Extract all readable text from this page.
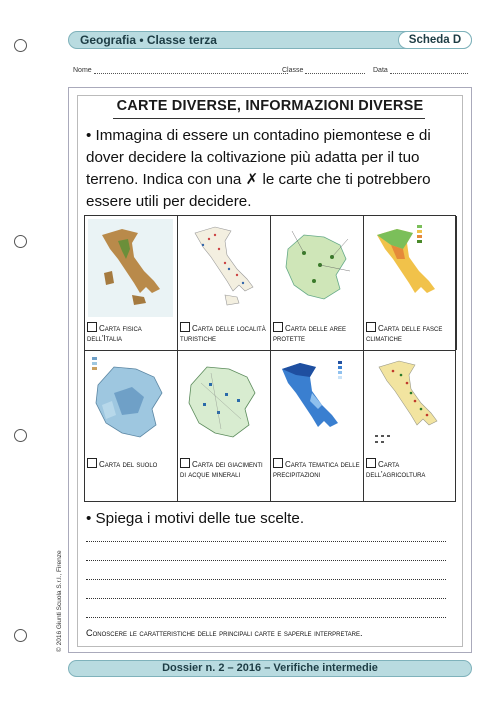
Geografia • Classe terza	Scheda D
Nome	Classe	Data
CARTE DIVERSE, INFORMAZIONI DIVERSE
• Immagina di essere un contadino piemontese e di dover decidere la coltivazione più adatta per il tuo terreno. Indica con una ✗ le carte che ti potrebbero essere utili per decidere.
Carta fisica dell'Italia
Carta delle località turistiche
Carta delle aree protette
Carta delle fasce climatiche
Carta del suolo	Carta dei giacimenti di acque minerali
Carta tematica delle precipitazioni
Carta dell'agricoltura
• Spiega i motivi delle tue scelte.
Conoscere le caratteristiche delle principali carte e saperle interpretare.
© 2016 Giunti Scuola S.r.l., Firenze
Dossier n. 2 – 2016 – Verifiche intermedie
